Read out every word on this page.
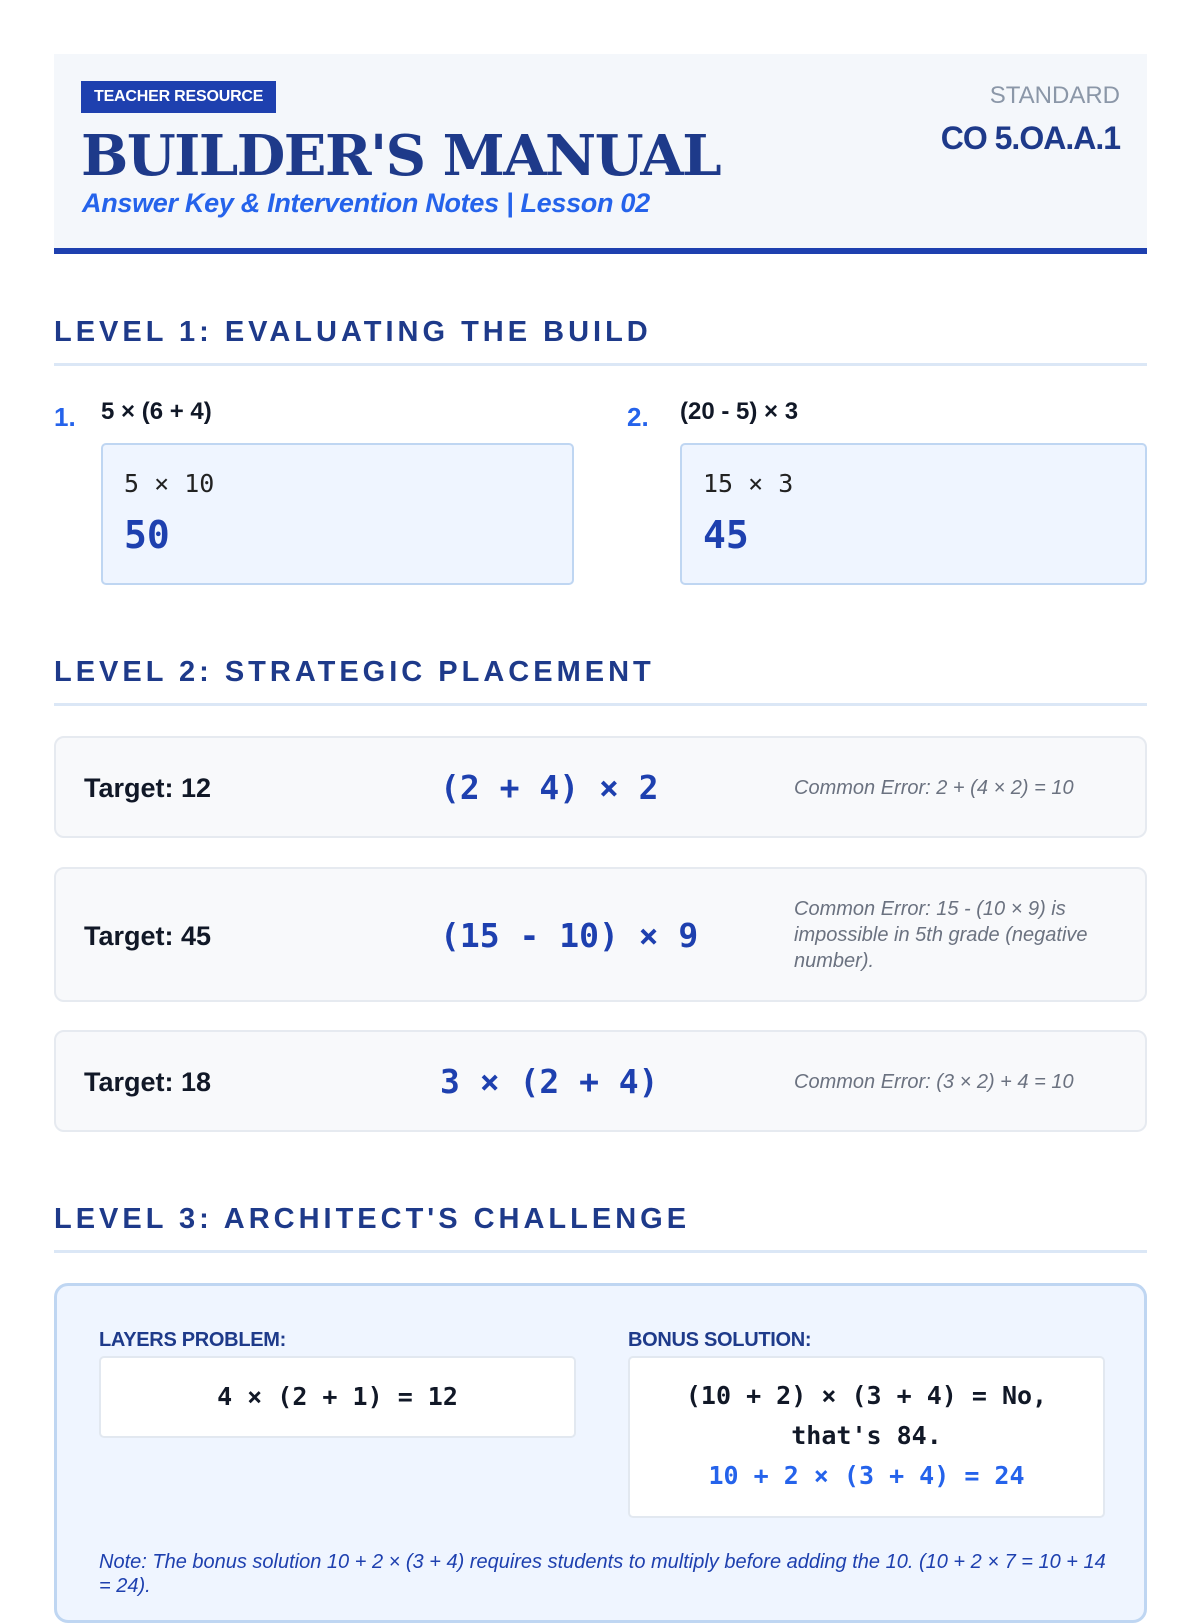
TEACHER RESOURCE
BUILDER'S MANUAL
Answer Key & Intervention Notes | Lesson 02
STANDARD
CO 5.OA.A.1
LEVEL 1: EVALUATING THE BUILD
1. 5 × (6 + 4)
5 × 10
50
2. (20 - 5) × 3
15 × 3
45
LEVEL 2: STRATEGIC PLACEMENT
Target: 12	(2 + 4) × 2	Common Error: 2 + (4 × 2) = 10
Target: 45	(15 - 10) × 9
Common Error: 15 - (10 × 9) is impossible in 5th grade (negative number).
Target: 18	3 × (2 + 4)	Common Error: (3 × 2) + 4 = 10
LEVEL 3: ARCHITECT'S CHALLENGE
LAYERS PROBLEM:
4 × (2 + 1) = 12
BONUS SOLUTION:
(10 + 2) × (3 + 4) = No,
that's 84.
10 + 2 × (3 + 4) = 24
Note: The bonus solution 10 + 2 × (3 + 4) requires students to multiply before adding the 10. (10 + 2 × 7 = 10 + 14 = 24).
